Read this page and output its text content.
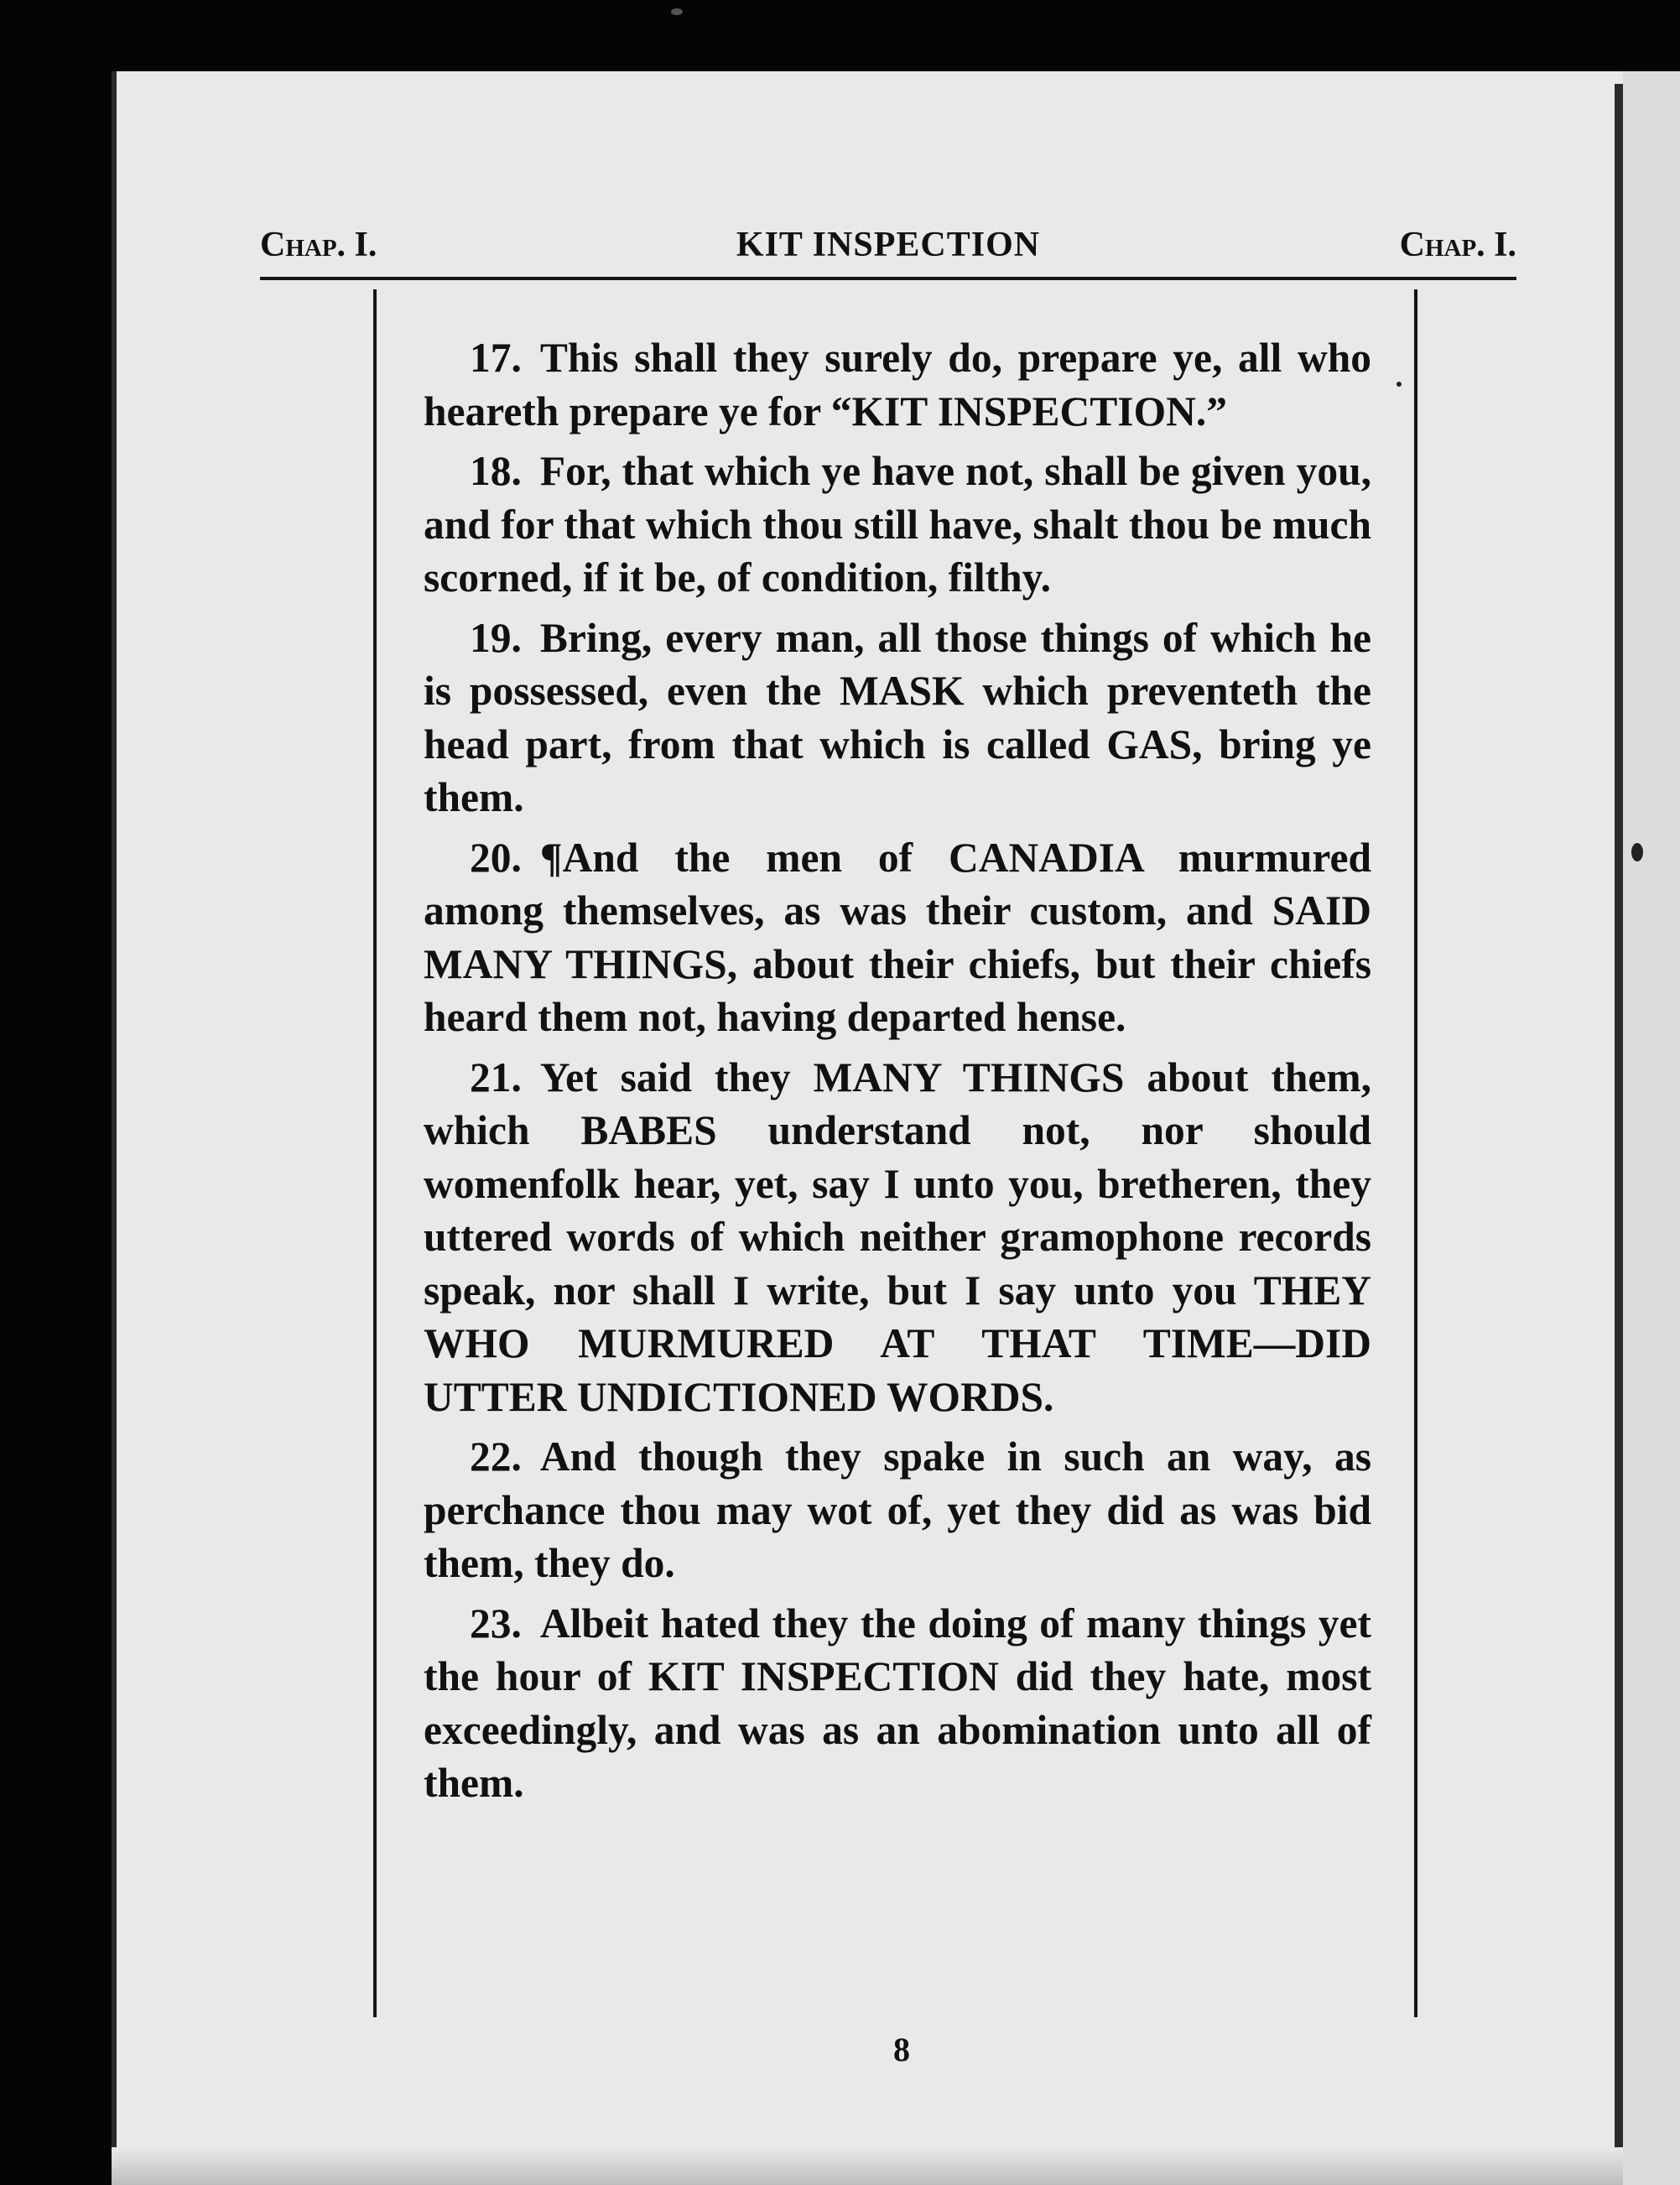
Chap. I.	KIT INSPECTION	Chap. I.

17. This shall they surely do, prepare ye, all who heareth prepare ye for “KIT INSPECTION.”

18. For, that which ye have not, shall be given you, and for that which thou still have, shalt thou be much scorned, if it be, of condition, filthy.

19. Bring, every man, all those things of which he is possessed, even the MASK which preventeth the head part, from that which is called GAS, bring ye them.

20. ¶And the men of CANADIA murmured among themselves, as was their custom, and SAID MANY THINGS, about their chiefs, but their chiefs heard them not, having departed hense.

21. Yet said they MANY THINGS about them, which BABES understand not, nor should womenfolk hear, yet, say I unto you, bretheren, they uttered words of which neither gramophone records speak, nor shall I write, but I say unto you THEY WHO MURMURED AT THAT TIME—DID UTTER UNDICTIONED WORDS.

22. And though they spake in such an way, as perchance thou may wot of, yet they did as was bid them, they do.

23. Albeit hated they the doing of many things yet the hour of KIT INSPECTION did they hate, most exceedingly, and was as an abomination unto all of them.

8
